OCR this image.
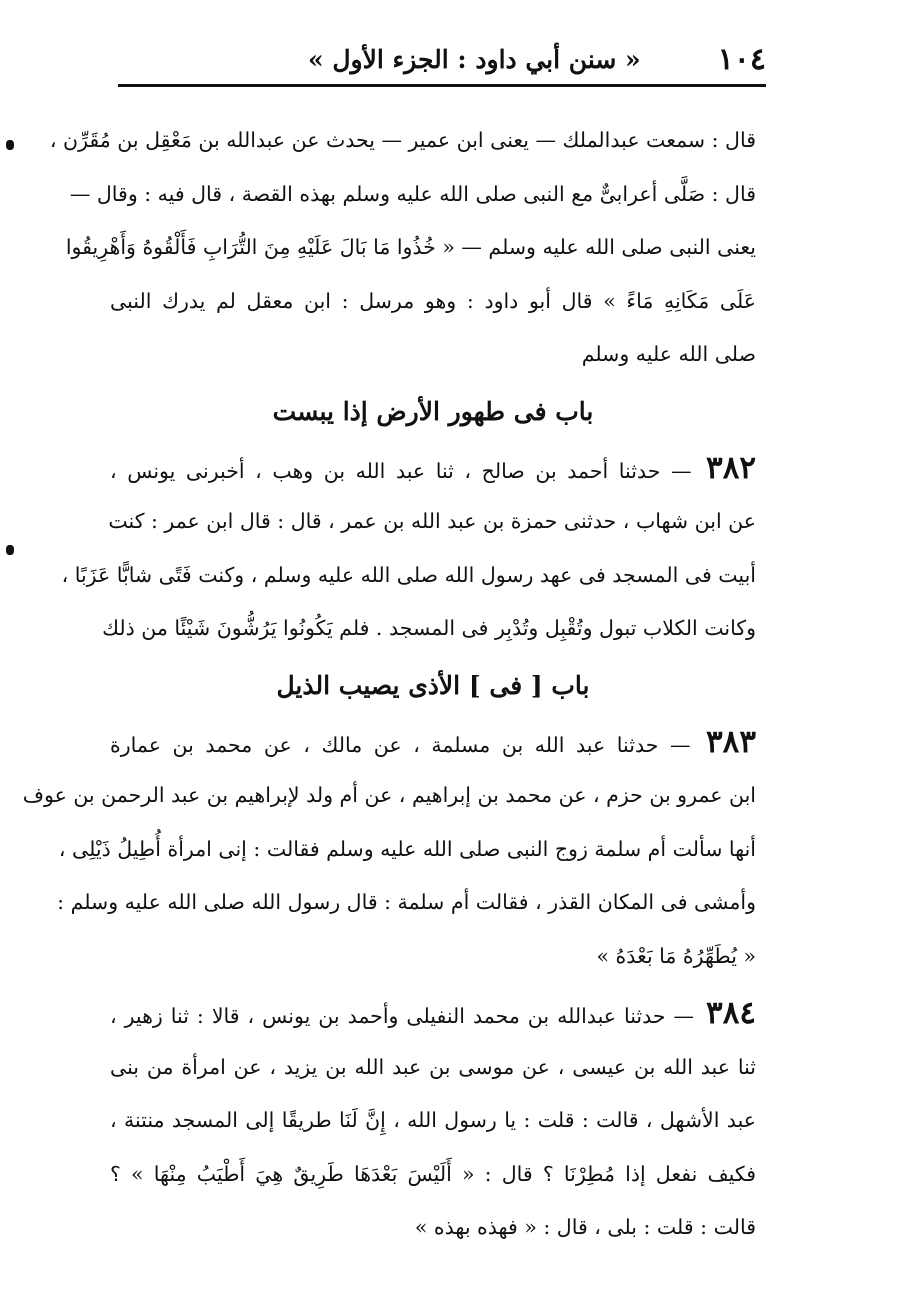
١٠٤
« سنن أبي داود : الجزء الأول »
قال : سمعت عبدالملك — يعنى ابن عمير — يحدث عن عبدالله بن مَعْقِل بن مُقَرِّن ،
قال : صَلَّى أعرابىٌّ مع النبى صلى الله عليه وسلم بهذه القصة ، قال فيه : وقال —
يعنى النبى صلى الله عليه وسلم — « خُذُوا مَا بَالَ عَلَيْهِ مِنَ التُّرَابِ فَأَلْقُوهُ وَأَهْرِيقُوا
عَلَى مَكَانِهِ مَاءً » قال أبو داود : وهو مرسل : ابن معقل لم يدرك النبى
صلى الله عليه وسلم
باب فى طهور الأرض إذا يبست
٣٨٢ — حدثنا أحمد بن صالح ، ثنا عبد الله بن وهب ، أخبرنى يونس ،
عن ابن شهاب ، حدثنى حمزة بن عبد الله بن عمر ، قال : قال ابن عمر : كنت
أبيت فى المسجد فى عهد رسول الله صلى الله عليه وسلم ، وكنت فَتًى شابًّا عَزَبًا ،
وكانت الكلاب تبول وتُقْبِل وتُدْبِر فى المسجد . فلم يَكُونُوا يَرُشُّونَ شَيْئًا من ذلك
باب [ فى ] الأذى يصيب الذيل
٣٨٣ — حدثنا عبد الله بن مسلمة ، عن مالك ، عن محمد بن عمارة
ابن عمرو بن حزم ، عن محمد بن إبراهيم ، عن أم ولد لإبراهيم بن عبد الرحمن بن عوف
أنها سألت أم سلمة زوج النبى صلى الله عليه وسلم فقالت : إنى امرأة أُطِيلُ ذَيْلِى ،
وأمشى فى المكان القذر ، فقالت أم سلمة : قال رسول الله صلى الله عليه وسلم :
« يُطَهِّرُهُ مَا بَعْدَهُ »
٣٨٤ — حدثنا عبدالله بن محمد النفيلى وأحمد بن يونس ، قالا : ثنا زهير ،
ثنا عبد الله بن عيسى ، عن موسى بن عبد الله بن يزيد ، عن امرأة من بنى
عبد الأشهل ، قالت : قلت : يا رسول الله ، إِنَّ لَنَا طريقًا إلى المسجد منتنة ،
فكيف نفعل إذا مُطِرْنَا ؟ قال : « أَلَيْسَ بَعْدَهَا طَرِيقٌ هِيَ أَطْيَبُ مِنْهَا » ؟
قالت : قلت : بلى ، قال : « فهذه بهذه »
